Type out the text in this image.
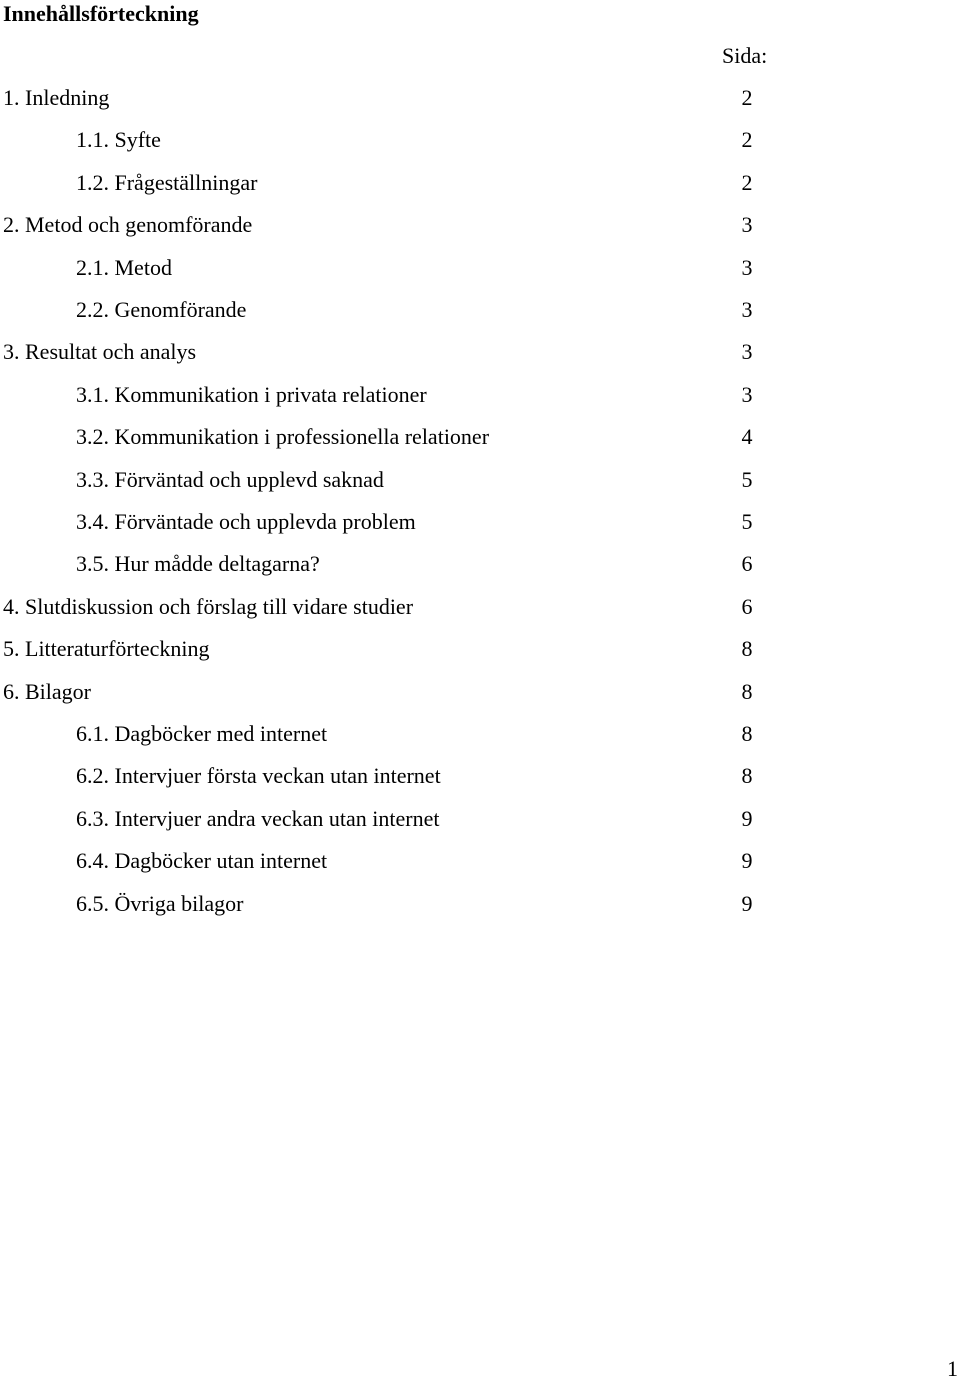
Innehållsförteckning
Sida:
1. Inledning	2
1.1. Syfte	2
1.2. Frågeställningar	2
2. Metod och genomförande	3
2.1. Metod	3
2.2. Genomförande	3
3. Resultat och analys	3
3.1. Kommunikation i privata relationer	3
3.2. Kommunikation i professionella relationer	4
3.3. Förväntad och upplevd saknad	5
3.4. Förväntade och upplevda problem	5
3.5. Hur mådde deltagarna?	6
4. Slutdiskussion och förslag till vidare studier	6
5. Litteraturförteckning	8
6. Bilagor	8
6.1. Dagböcker med internet	8
6.2. Intervjuer första veckan utan internet	8
6.3. Intervjuer andra veckan utan internet	9
6.4. Dagböcker utan internet	9
6.5. Övriga bilagor	9
1
